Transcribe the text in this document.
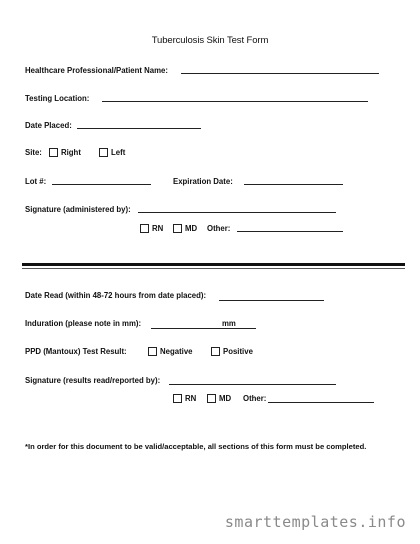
Tuberculosis Skin Test Form
Healthcare Professional/Patient Name:
Testing Location:
Date Placed:
Site: Right	Left
Lot #:	Expiration Date:
Signature (administered by):
RN	MD Other:
Date Read (within 48-72 hours from date placed):
Induration (please note in mm):	mm
PPD (Mantoux) Test Result:	Negative	Positive
Signature (results read/reported by):
RN	MD Other:
*In order for this document to be valid/acceptable, all sections of this form must be completed.
smarttemplates.info
